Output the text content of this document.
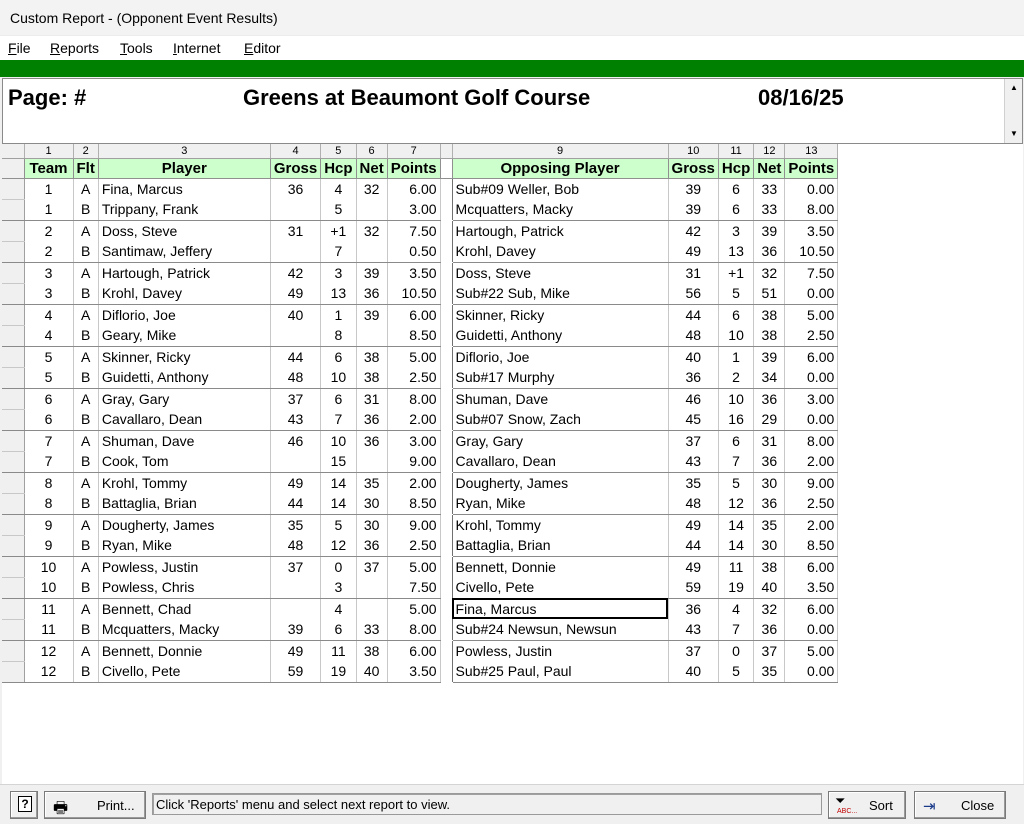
Custom Report - (Opponent Event Results)
File Reports Tools Internet Editor
Page: #	Greens at Beaumont Golf Course	08/16/25	▲
▼
	1	2	3	4	5	6	7		9	10	11	12	13
	Team	Flt	Player	Gross	Hcp	Net	Points		Opposing Player	Gross	Hcp	Net	Points
	1	A	Fina, Marcus	36	4	32	6.00		Sub#09 Weller, Bob	39	6	33	0.00
	1	B	Trippany, Frank		5		3.00		Mcquatters, Macky	39	6	33	8.00
	2	A	Doss, Steve	31	+1	32	7.50		Hartough, Patrick	42	3	39	3.50
	2	B	Santimaw, Jeffery		7		0.50		Krohl, Davey	49	13	36	10.50
	3	A	Hartough, Patrick	42	3	39	3.50		Doss, Steve	31	+1	32	7.50
	3	B	Krohl, Davey	49	13	36	10.50		Sub#22 Sub, Mike	56	5	51	0.00
	4	A	Diflorio, Joe	40	1	39	6.00		Skinner, Ricky	44	6	38	5.00
	4	B	Geary, Mike		8		8.50		Guidetti, Anthony	48	10	38	2.50
	5	A	Skinner, Ricky	44	6	38	5.00		Diflorio, Joe	40	1	39	6.00
	5	B	Guidetti, Anthony	48	10	38	2.50		Sub#17 Murphy	36	2	34	0.00
	6	A	Gray, Gary	37	6	31	8.00		Shuman, Dave	46	10	36	3.00
	6	B	Cavallaro, Dean	43	7	36	2.00		Sub#07 Snow, Zach	45	16	29	0.00
	7	A	Shuman, Dave	46	10	36	3.00		Gray, Gary	37	6	31	8.00
	7	B	Cook, Tom		15		9.00		Cavallaro, Dean	43	7	36	2.00
	8	A	Krohl, Tommy	49	14	35	2.00		Dougherty, James	35	5	30	9.00
	8	B	Battaglia, Brian	44	14	30	8.50		Ryan, Mike	48	12	36	2.50
	9	A	Dougherty, James	35	5	30	9.00		Krohl, Tommy	49	14	35	2.00
	9	B	Ryan, Mike	48	12	36	2.50		Battaglia, Brian	44	14	30	8.50
	10	A	Powless, Justin	37	0	37	5.00		Bennett, Donnie	49	11	38	6.00
	10	B	Powless, Chris		3		7.50		Civello, Pete	59	19	40	3.50
	11	A	Bennett, Chad		4		5.00		Fina, Marcus	36	4	32	6.00
	11	B	Mcquatters, Macky	39	6	33	8.00		Sub#24 Newsun, Newsun	43	7	36	0.00
	12	A	Bennett, Donnie	49	11	38	6.00		Powless, Justin	37	0	37	5.00
	12	B	Civello, Pete	59	19	40	3.50		Sub#25 Paul, Paul	40	5	35	0.00
? 🖶 Print...	Click 'Reports' menu and select next report to view.	⏷
ABC... Sort ⇥ Close
